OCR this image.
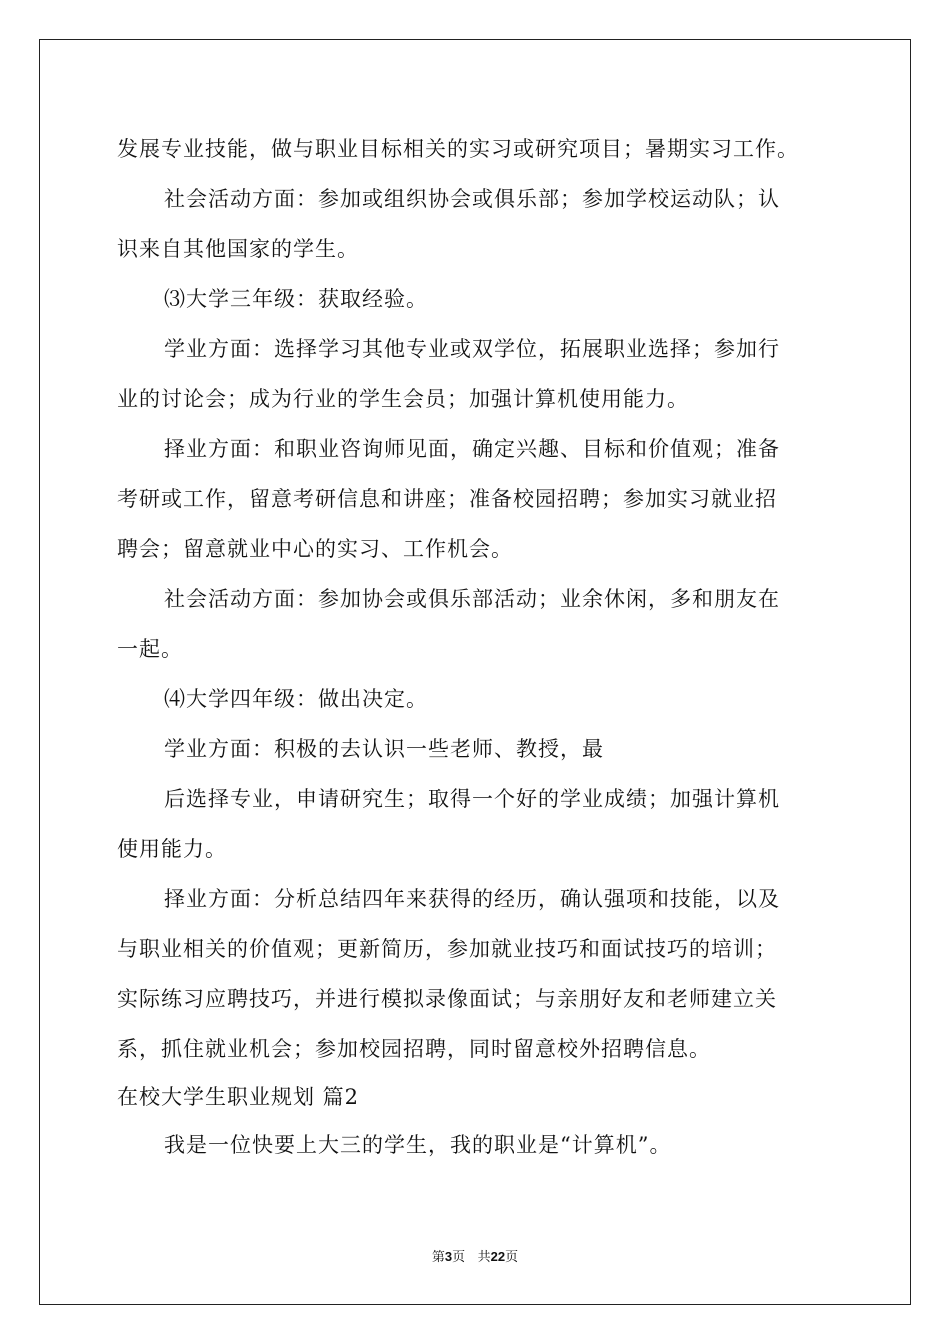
发展专业技能，做与职业目标相关的实习或研究项目；暑期实习工作。
社会活动方面：参加或组织协会或俱乐部；参加学校运动队；认
识来自其他国家的学生。
⑶大学三年级：获取经验。
学业方面：选择学习其他专业或双学位，拓展职业选择；参加行
业的讨论会；成为行业的学生会员；加强计算机使用能力。
择业方面：和职业咨询师见面，确定兴趣、目标和价值观；准备
考研或工作，留意考研信息和讲座；准备校园招聘；参加实习就业招
聘会；留意就业中心的实习、工作机会。
社会活动方面：参加协会或俱乐部活动；业余休闲，多和朋友在
一起。
⑷大学四年级：做出决定。
学业方面：积极的去认识一些老师、教授，最
后选择专业，申请研究生；取得一个好的学业成绩；加强计算机
使用能力。
择业方面：分析总结四年来获得的经历，确认强项和技能，以及
与职业相关的价值观；更新简历，参加就业技巧和面试技巧的培训；
实际练习应聘技巧，并进行模拟录像面试；与亲朋好友和老师建立关
系，抓住就业机会；参加校园招聘，同时留意校外招聘信息。
在校大学生职业规划 篇2
我是一位快要上大三的学生，我的职业是“计算机”。
第3页 共22页
